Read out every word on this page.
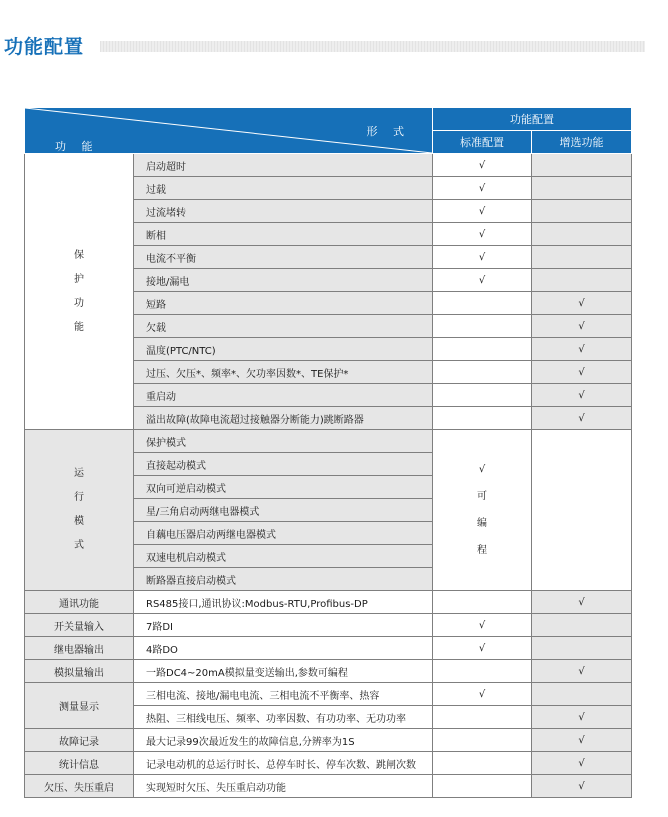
功能配置
形 式
功 能		功能配置	
		标准配置	增选功能

保
护
功
能	启动超时	√	
	过载	√	
	过流堵转	√	
	断相	√	
	电流不平衡	√	
	接地/漏电	√	
	短路		√
	欠载		√
	温度(PTC/NTC)		√
	过压、欠压*、频率*、欠功率因数*、TE保护*		√
	重启动		√
	溢出故障(故障电流超过接触器分断能力)跳断路器		√

运
行
模
式	保护模式	√
可
编
程	

	直接起动模式		
	双向可逆启动模式		
	星/三角启动两继电器模式		
	自藕电压器启动两继电器模式		
	双速电机启动模式		
	断路器直接启动模式		
通讯功能	RS485接口,通讯协议:Modbus-RTU,Profibus-DP		√
开关量输入	7路DI	√	
继电器输出	4路DO	√	
模拟量输出	一路DC4~20mA模拟量变送输出,参数可编程		√
测量显示	三相电流、接地/漏电电流、三相电流不平衡率、热容	√	
	热阻、三相线电压、频率、功率因数、有功功率、无功功率		√
故障记录	最大记录99次最近发生的故障信息,分辨率为1S		√
统计信息	记录电动机的总运行时长、总停车时长、停车次数、跳闸次数		√
欠压、失压重启	实现短时欠压、失压重启动功能		√
